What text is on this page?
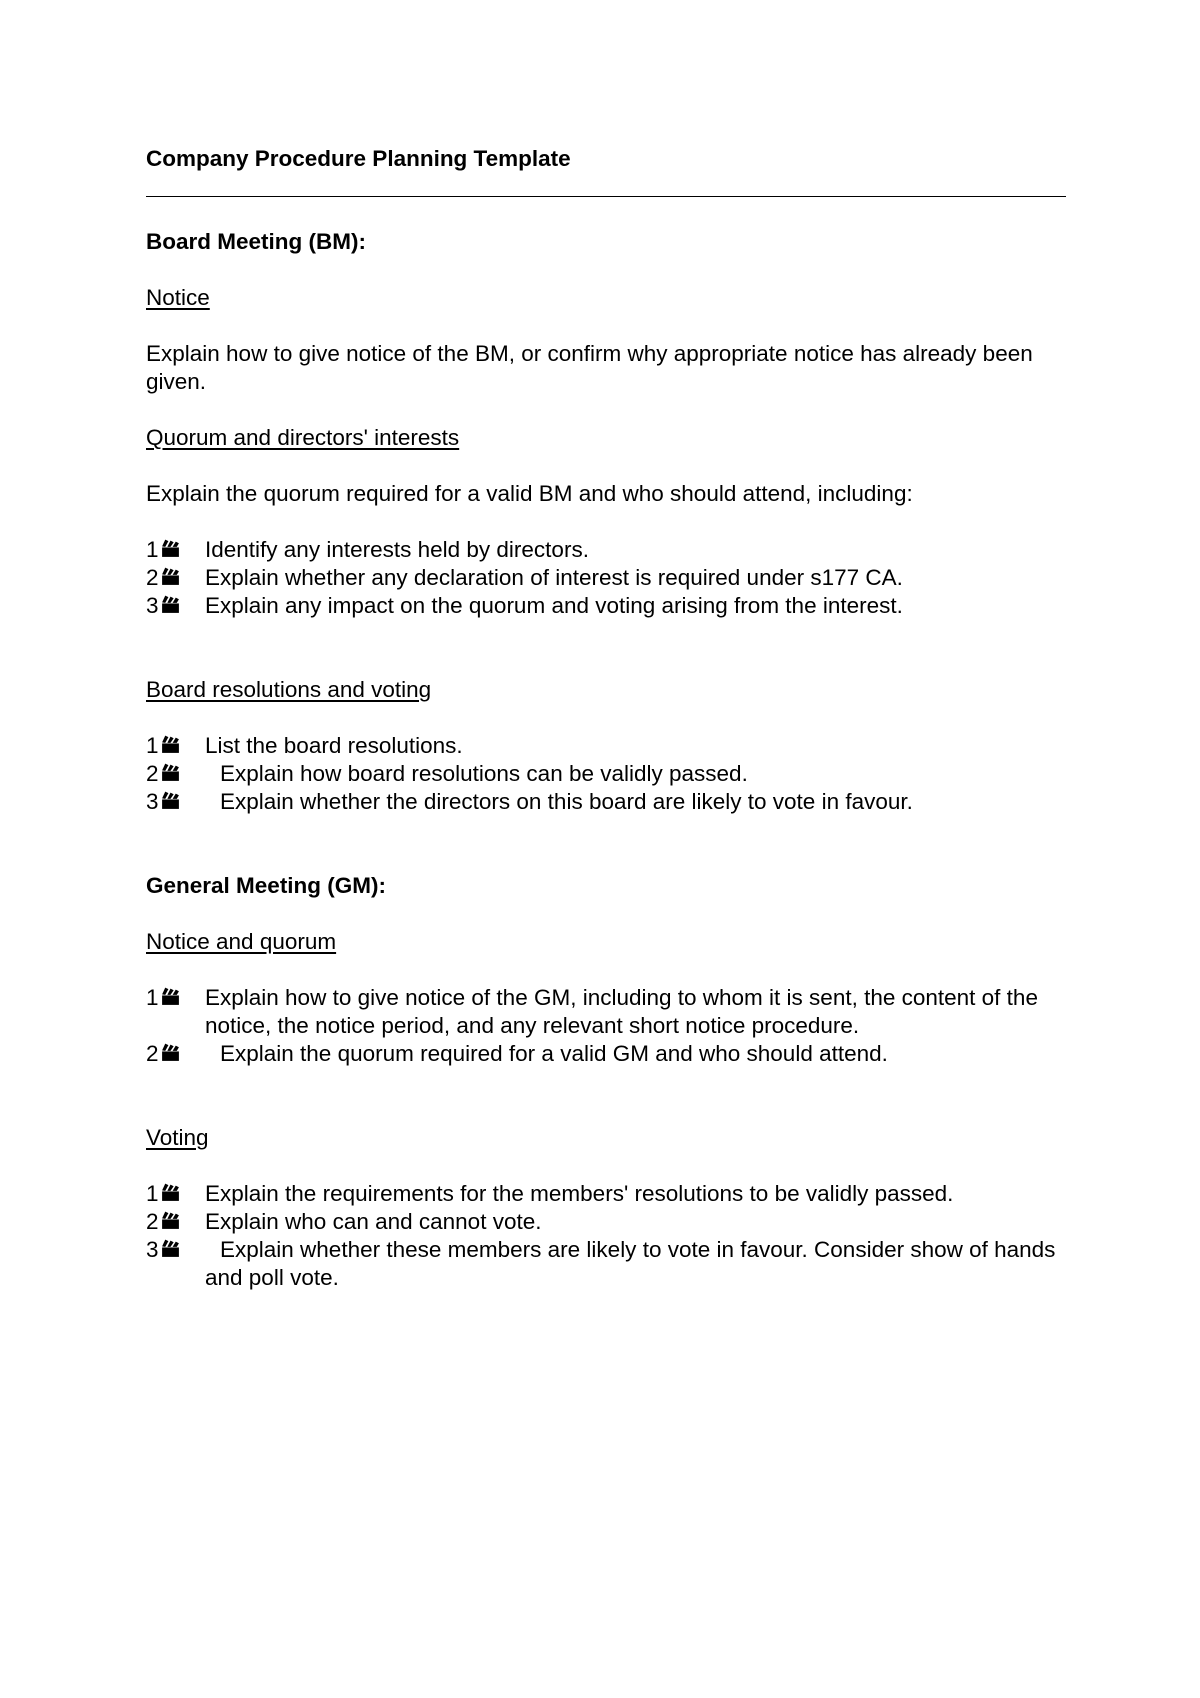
Company Procedure Planning Template

Board Meeting (BM):

Notice

Explain how to give notice of the BM, or confirm why appropriate notice has already been given.

Quorum and directors' interests

Explain the quorum required for a valid BM and who should attend, including:

1	Identify any interests held by directors.
2	Explain whether any declaration of interest is required under s177 CA.
3	Explain any impact on the quorum and voting arising from the interest.

Board resolutions and voting

1	List the board resolutions.
2	Explain how board resolutions can be validly passed.
3	Explain whether the directors on this board are likely to vote in favour.

General Meeting (GM):

Notice and quorum

1	Explain how to give notice of the GM, including to whom it is sent, the content of the notice, the notice period, and any relevant short notice procedure.
2	Explain the quorum required for a valid GM and who should attend.

Voting

1	Explain the requirements for the members' resolutions to be validly passed.
2	Explain who can and cannot vote.
3	Explain whether these members are likely to vote in favour. Consider show of hands and poll vote.
